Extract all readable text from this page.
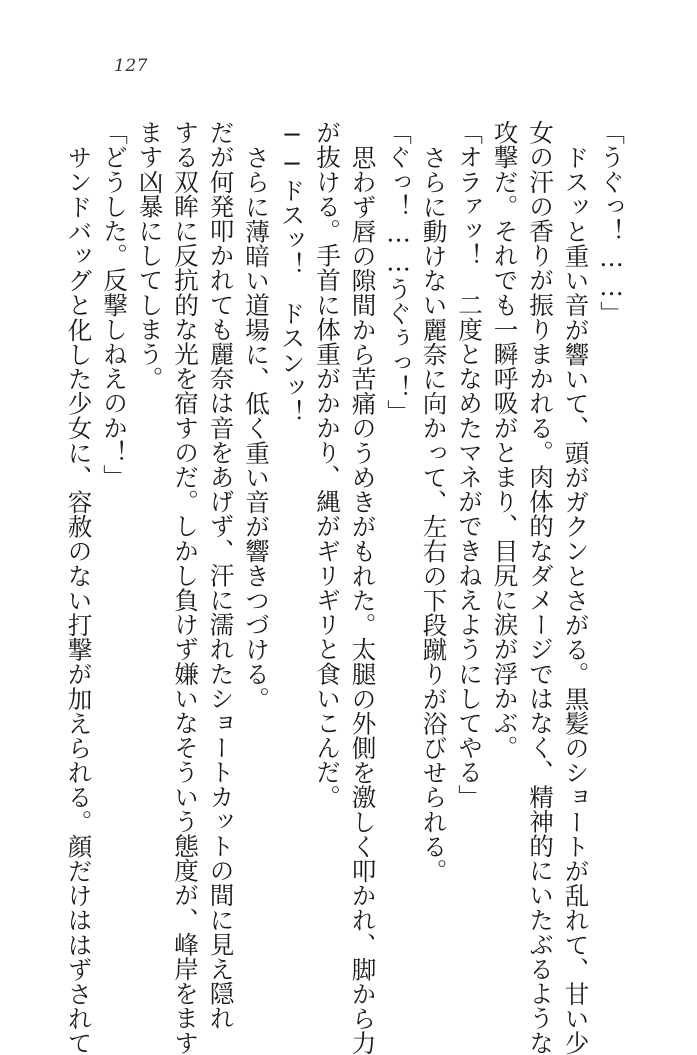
127
「うぐっ！……」
ドスッと重い音が響いて、頭がガクンとさがる。黒髪のショートが乱れて、甘い少
女の汗の香りが振りまかれる。肉体的なダメージではなく、精神的にいたぶるような
攻撃だ。それでも一瞬呼吸がとまり、目尻に涙が浮かぶ。
「オラァッ！　二度となめたマネができねえようにしてやる」
さらに動けない麗奈に向かって、左右の下段蹴りが浴びせられる。
「ぐっ！……うぐぅっ！」
思わず唇の隙間から苦痛のうめきがもれた。太腿の外側を激しく叩かれ、脚から力
が抜ける。手首に体重がかかり、縄がギリギリと食いこんだ。
──ドスッ！　ドスンッ！
さらに薄暗い道場に、低く重い音が響きつづける。
だが何発叩かれても麗奈は音をあげず、汗に濡れたショートカットの間に見え隠れ
する双眸に反抗的な光を宿すのだ。しかし負けず嫌いなそういう態度が、峰岸をます
ます凶暴にしてしまう。
「どうした。反撃しねえのか！」
サンドバッグと化した少女に、容赦のない打撃が加えられる。顔だけははずされて
